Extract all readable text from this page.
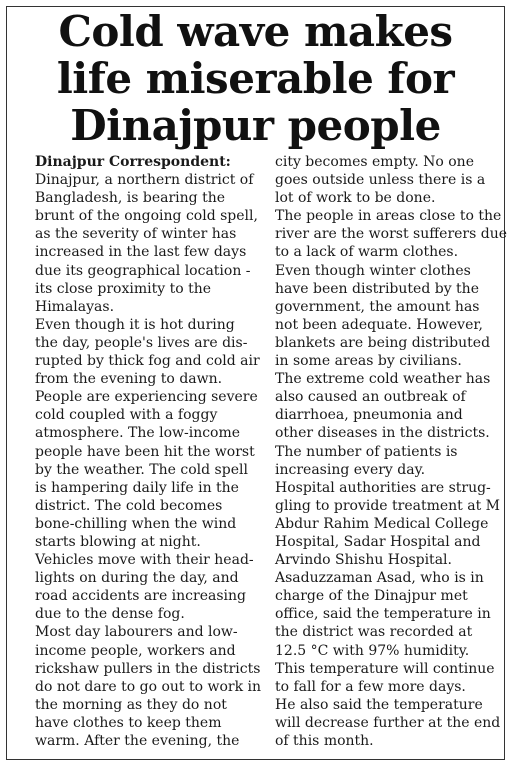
Cold wave makes
life miserable for
Dinajpur people
Dinajpur Correspondent:

Dinajpur, a northern district of
Bangladesh, is bearing the
brunt of the ongoing cold spell,
as the severity of winter has
increased in the last few days
due its geographical location -
its close proximity to the
Himalayas.

Even though it is hot during
the day, people's lives are dis-
rupted by thick fog and cold air
from the evening to dawn.

People are experiencing severe
cold coupled with a foggy
atmosphere. The low-income
people have been hit the worst
by the weather. The cold spell
is hampering daily life in the
district. The cold becomes
bone-chilling when the wind
starts blowing at night.

Vehicles move with their head-
lights on during the day, and
road accidents are increasing
due to the dense fog.

Most day labourers and low-
income people, workers and
rickshaw pullers in the districts
do not dare to go out to work in
the morning as they do not
have clothes to keep them
warm. After the evening, the

city becomes empty. No one
goes outside unless there is a
lot of work to be done.

The people in areas close to the
river are the worst sufferers due
to a lack of warm clothes.

Even though winter clothes
have been distributed by the
government, the amount has
not been adequate. However,
blankets are being distributed
in some areas by civilians.

The extreme cold weather has
also caused an outbreak of
diarrhoea, pneumonia and
other diseases in the districts.

The number of patients is
increasing every day.

Hospital authorities are strug-
gling to provide treatment at M
Abdur Rahim Medical College
Hospital, Sadar Hospital and
Arvindo Shishu Hospital.

Asaduzzaman Asad, who is in
charge of the Dinajpur met
office, said the temperature in
the district was recorded at
12.5 °C with 97% humidity.

This temperature will continue
to fall for a few more days.

He also said the temperature
will decrease further at the end
of this month.
